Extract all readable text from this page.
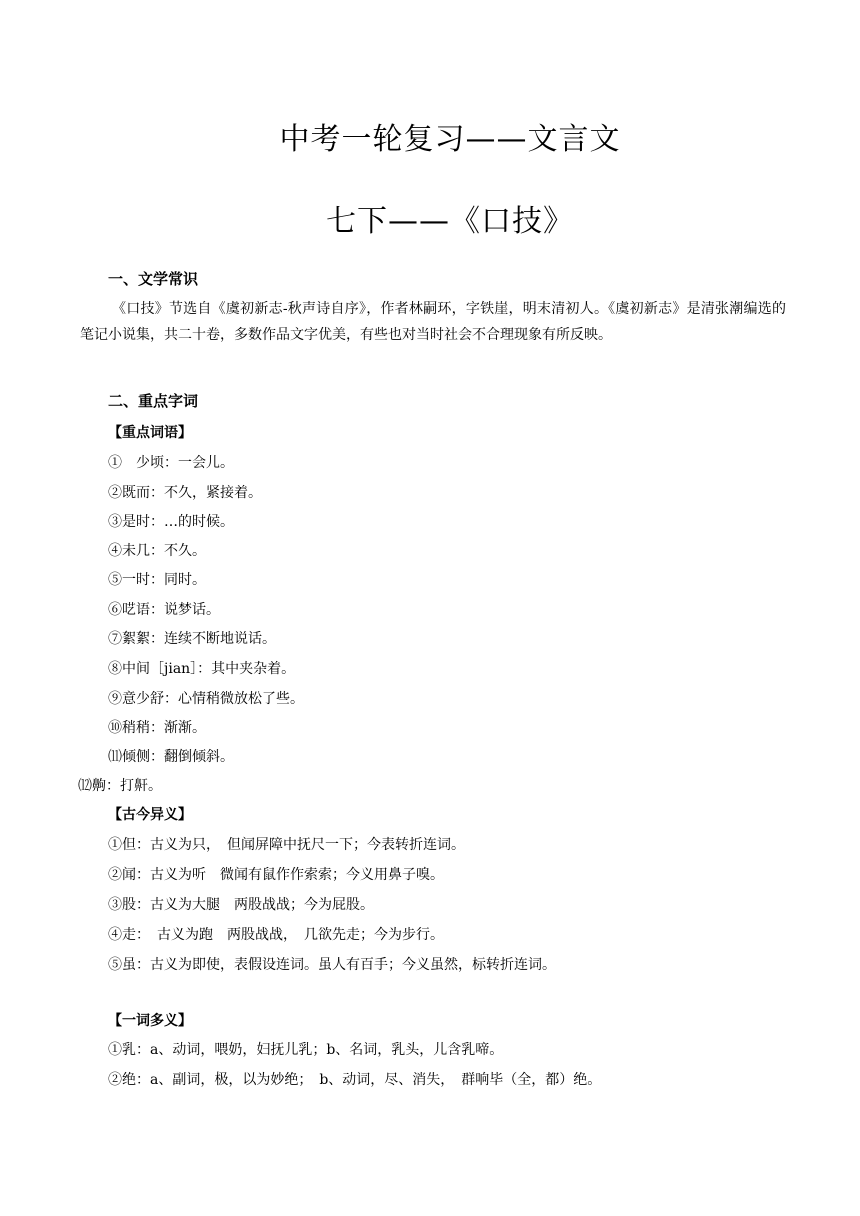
中考一轮复习——文言文
七下——《口技》
一、文学常识
《口技》节选自《虞初新志-秋声诗自序》，作者林嗣环，字铁崖，明末清初人。《虞初新志》是清张潮编选的笔记小说集，共二十卷，多数作品文字优美，有些也对当时社会不合理现象有所反映。
二、重点字词
【重点词语】
①　少顷：一会儿。
②既而：不久，紧接着。
③是时：…的时候。
④未几：不久。
⑤一时：同时。
⑥呓语：说梦话。
⑦絮絮：连续不断地说话。
⑧中间［jian］：其中夹杂着。
⑨意少舒：心情稍微放松了些。
⑩稍稍：渐渐。
⑾倾侧：翻倒倾斜。
⑿齁：打鼾。
【古今异义】
①但：古义为只，　但闻屏障中抚尺一下；今表转折连词。
②闻：古义为听　微闻有鼠作作索索；今义用鼻子嗅。
③股：古义为大腿　两股战战；今为屁股。
④走：　古义为跑　两股战战，　几欲先走；今为步行。
⑤虽：古义为即使，表假设连词。虽人有百手；今义虽然，标转折连词。
【一词多义】
①乳：a、动词，喂奶，妇抚儿乳；b、名词，乳头，儿含乳啼。
②绝：a、副词，极，以为妙绝；　b、动词，尽、消失，　群响毕（全，都）绝。
